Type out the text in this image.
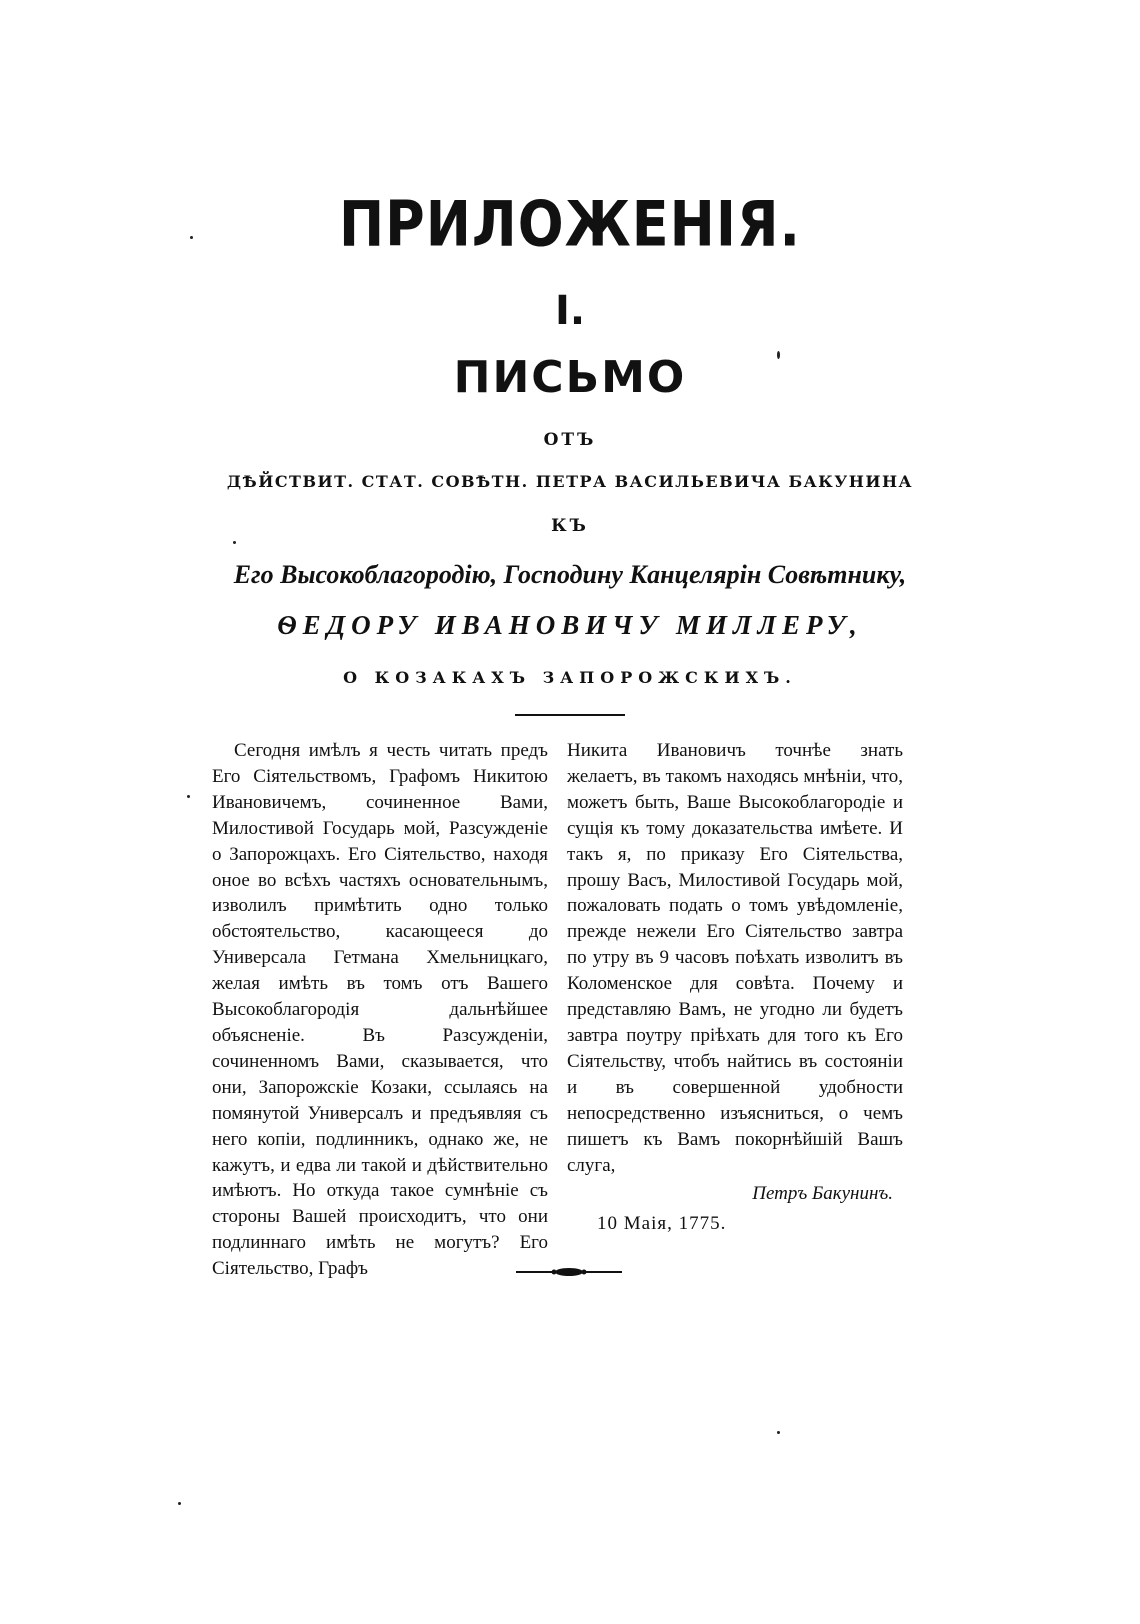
ПРИЛОЖЕНІЯ.
I.
ПИСЬМО
ОТЪ
ДѢЙСТВИТ. СТАТ. СОВѢТН. ПЕТРА ВАСИЛЬЕВИЧА БАКУНИНА
КЪ
Его Высокоблагородію, Господину Канцелярін Совѣтнику,
ѲЕДОРУ ИВАНОВИЧУ МИЛЛЕРУ,
О КОЗАКАХЪ ЗАПОРОЖСКИХЪ.

Сегодня имѣлъ я честь читать предъ Его Сіятельствомъ, Графомъ Никитою Ивановичемъ, сочиненное Вами, Милостивой Государь мой, Разсужденіе о Запорожцахъ. Его Сіятельство, находя оное во всѣхъ частяхъ основательнымъ, изволилъ примѣтить одно только обстоятельство, касающееся до Универсала Гетмана Хмельницкаго, желая имѣть въ томъ отъ Вашего Высокоблагородія дальнѣйшее объясненіе. Въ Разсужденіи, сочиненномъ Вами, сказывается, что они, Запорожскіе Козаки, ссылаясь на помянутой Универсалъ и предъявляя съ него копіи, подлинникъ, однако же, не кажутъ, и едва ли такой и дѣйствительно имѣютъ. Но откуда такое сумнѣніе съ стороны Вашей происходитъ, что они подлиннаго имѣть не могутъ? Его Сіятельство, Графъ

Никита Ивановичъ точнѣе знать желаетъ, въ такомъ находясь мнѣніи, что, можетъ быть, Ваше Высокоблагородіе и сущія къ тому доказательства имѣете. И такъ я, по приказу Его Сіятельства, прошу Васъ, Милостивой Государь мой, пожаловать подать о томъ увѣдомленіе, прежде нежели Его Сіятельство завтра по утру въ 9 часовъ поѣхать изволитъ въ Коломенское для совѣта. Почему и представляю Вамъ, не угодно ли будетъ завтра поутру пріѣхать для того къ Его Сіятельству, чтобъ найтись въ состояніи и въ совершенной удобности непосредственно изъясниться, о чемъ пишетъ къ Вамъ покорнѣйшій Вашъ слуга,

Петръ Бакунинъ.
10 Маія, 1775.
